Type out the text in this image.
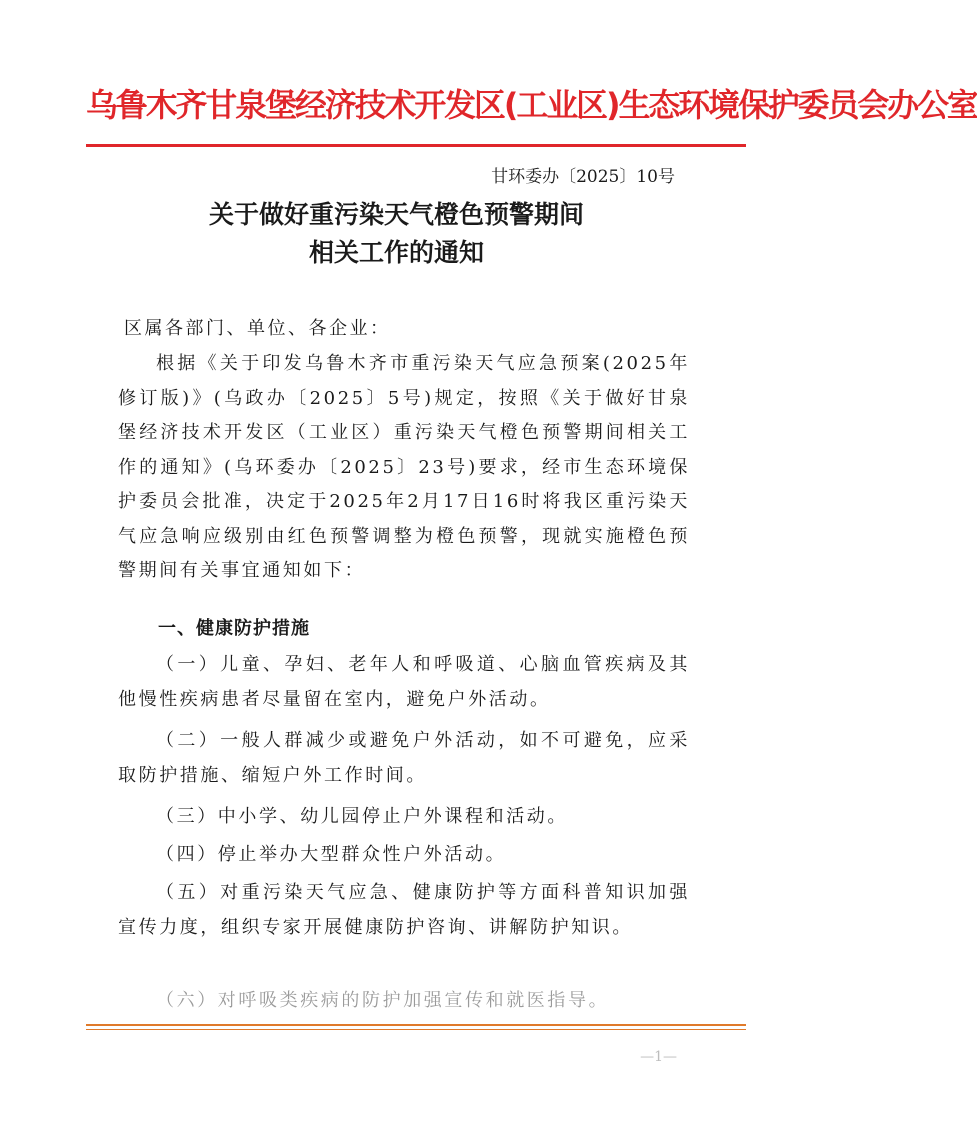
乌鲁木齐甘泉堡经济技术开发区(工业区)生态环境保护委员会办公室
甘环委办〔2025〕10号
关于做好重污染天气橙色预警期间
相关工作的通知
区属各部门、单位、各企业：
根据《关于印发乌鲁木齐市重污染天气应急预案(2025年修订版)》(乌政办〔2025〕5号)规定，按照《关于做好甘泉堡经济技术开发区（工业区）重污染天气橙色预警期间相关工作的通知》(乌环委办〔2025〕23号)要求，经市生态环境保护委员会批准，决定于2025年2月17日16时将我区重污染天气应急响应级别由红色预警调整为橙色预警，现就实施橙色预警期间有关事宜通知如下：
一、健康防护措施
（一）儿童、孕妇、老年人和呼吸道、心脑血管疾病及其他慢性疾病患者尽量留在室内，避免户外活动。
（二）一般人群减少或避免户外活动，如不可避免，应采取防护措施、缩短户外工作时间。
（三）中小学、幼儿园停止户外课程和活动。
（四）停止举办大型群众性户外活动。
（五）对重污染天气应急、健康防护等方面科普知识加强宣传力度，组织专家开展健康防护咨询、讲解防护知识。
（六）对呼吸类疾病的防护加强宣传和就医指导。
—1—
